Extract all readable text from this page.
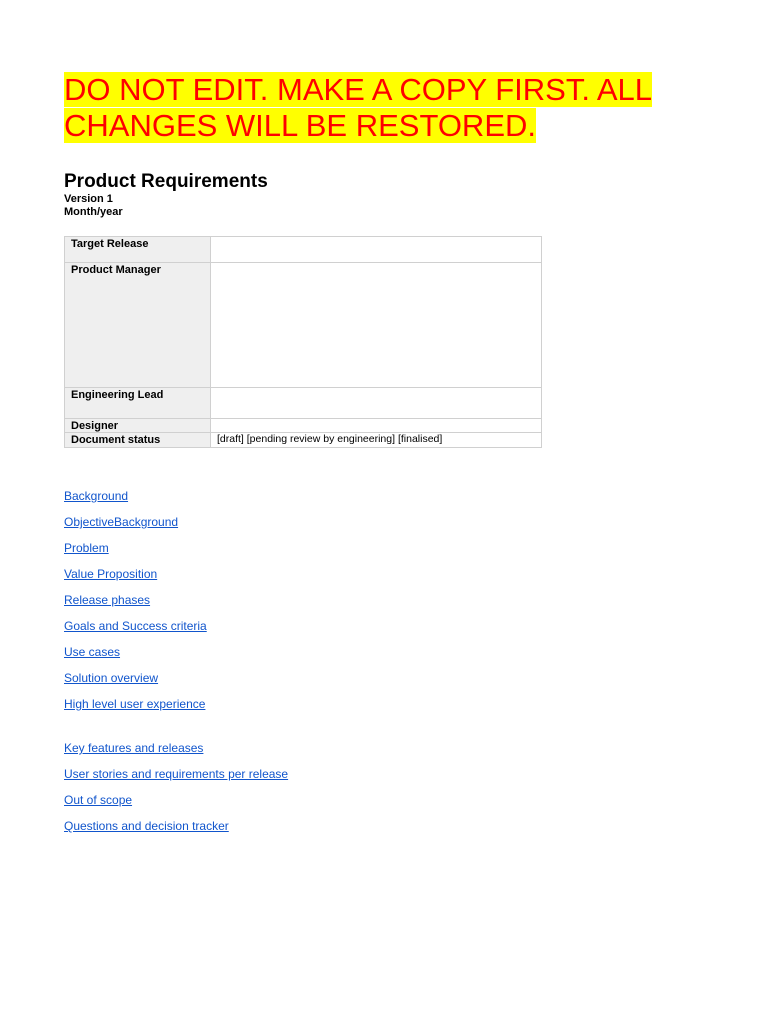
DO NOT EDIT. MAKE A COPY FIRST. ALL CHANGES WILL BE RESTORED.
Product Requirements
Version 1
Month/year
Target Release	
Product Manager	
Engineering Lead	
Designer	
Document status	[draft] [pending review by engineering] [finalised]
Background
ObjectiveBackground
Problem
Value Proposition
Release phases
Goals and Success criteria
Use cases
Solution overview
High level user experience
Key features and releases
User stories and requirements per release
Out of scope
Questions and decision tracker
